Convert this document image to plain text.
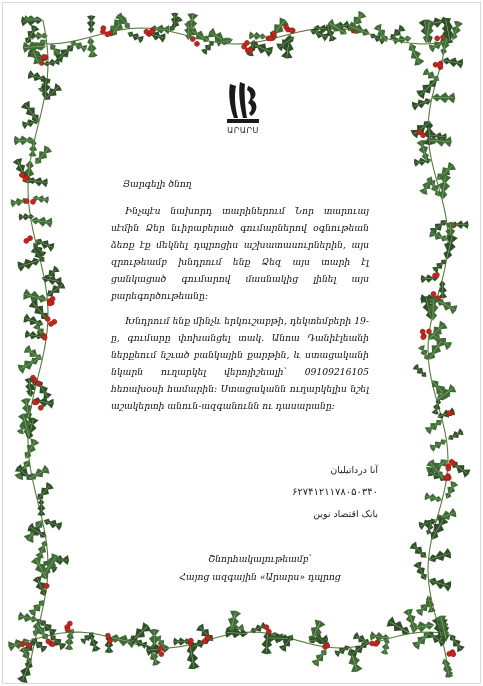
ԱՐԱՐՍ
Յարգելի ծնող

Ինչպէս նախորդ տարիներում Նոր տարուայ սէմին Ձեր նւիրաբերած գումարներով օգնութեան ձեռք էք մեկնել դպրոցիս աշխատասուրներին, այս զրութեամբ խնդրում ենք Ձեզ այս տարի էլ ցանկացած գումարով մասնակից լինել այս բարեգործութեանը:

Խնդրում ենք մինչև երկուշաբթի, դեկտեմբերի 19-ը, գումարը փոխանցել տակ. Անոա Դանիէլեանի ներքեում նշւած բանկային քարթին, և ստացականի նկարն ուղարկել վերոյիշեալի՝ 09109216105 հեռախօսի համարին: Ստացականն ուղարկելիս նշել աշակերտի անուն-ազգանունն ու դասարանը:

آنا درداتیلیان
۶۲۷۴۱۲۱۱۷۸۰۵۰۳۴۰
بانک اقتصاد نوین
Շնորհակալութեամբ՝
Հայոց ազգային «Արարս» դպրոց
